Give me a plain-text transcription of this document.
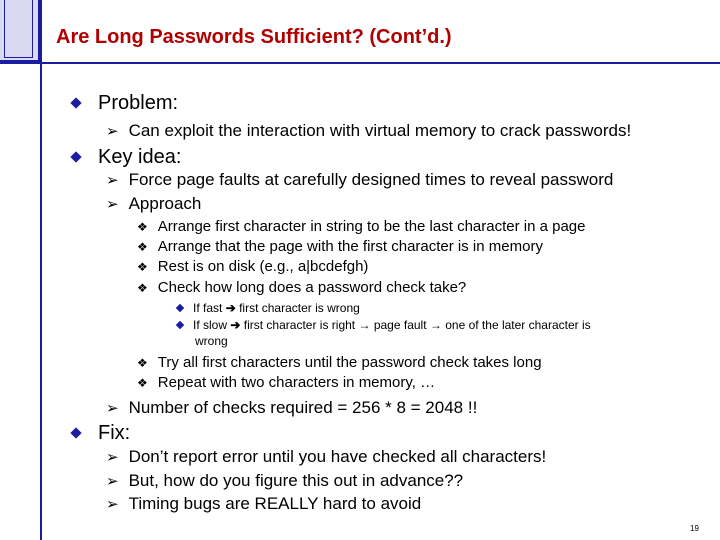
Are Long Passwords Sufficient? (Cont’d.)
Problem:
➢ Can exploit the interaction with virtual memory to crack passwords!
Key idea:
➢ Force page faults at carefully designed times to reveal password
➢ Approach
❖ Arrange first character in string to be the last character in a page
❖ Arrange that the page with the first character is in memory
❖ Rest is on disk (e.g., a|bcdefgh)
❖ Check how long does a password check take?
If fast ➔ first character is wrong
If slow ➔ first character is right → page fault → one of the later character is
wrong
❖ Try all first characters until the password check takes long
❖ Repeat with two characters in memory, …
➢ Number of checks required = 256 * 8 = 2048 !!
Fix:
➢ Don’t report error until you have checked all characters!
➢ But, how do you figure this out in advance??
➢ Timing bugs are REALLY hard to avoid
19
